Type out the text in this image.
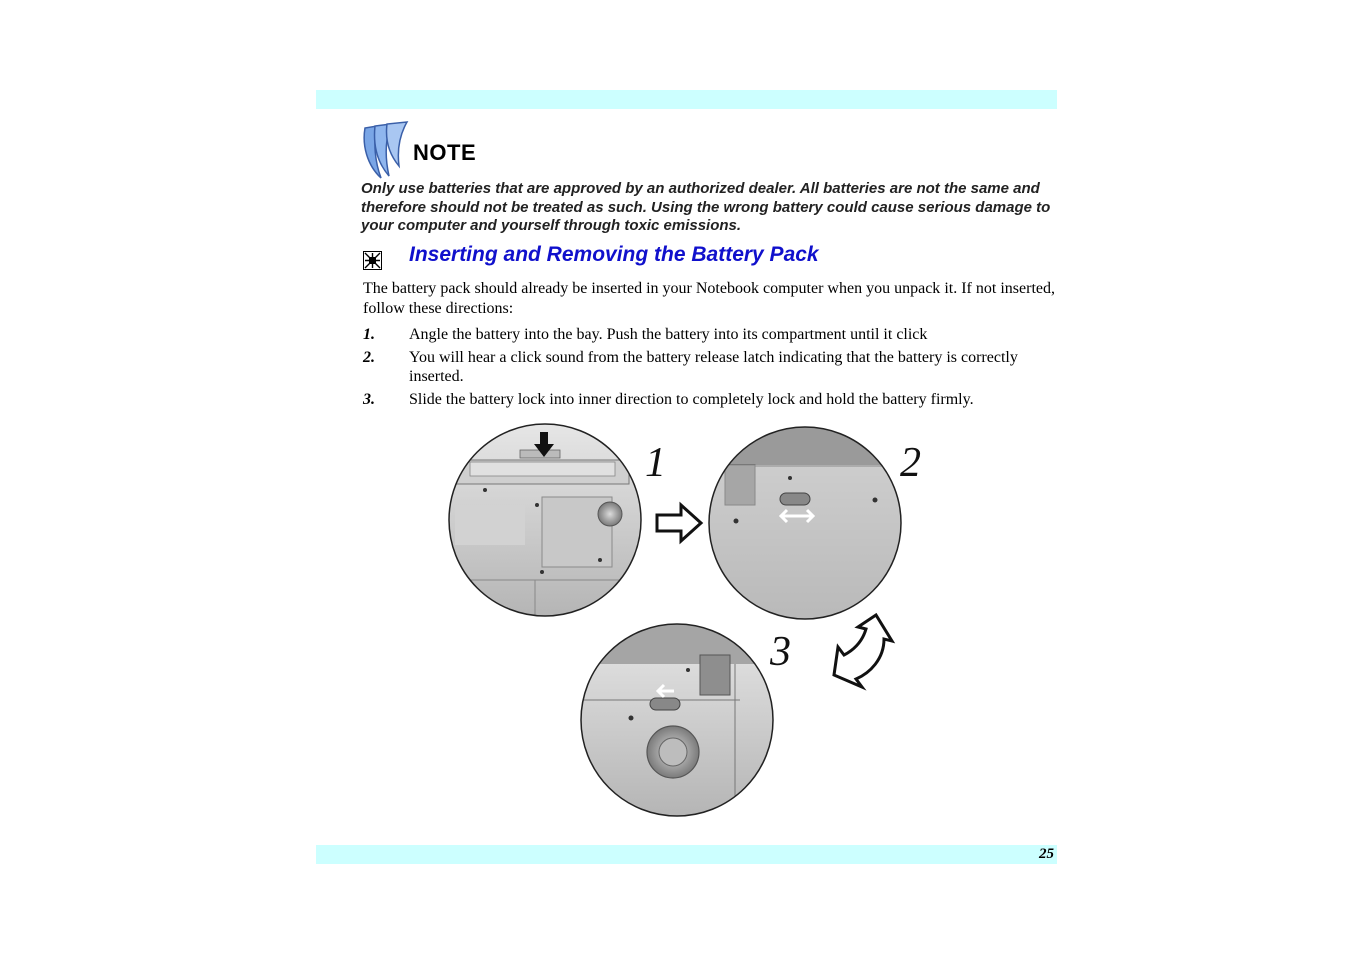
NOTE
Only use batteries that are approved by an authorized dealer. All batteries are not the same and therefore should not be treated as such. Using the wrong battery could cause serious damage to your computer and yourself through toxic emissions.
Inserting and Removing the Battery Pack
The battery pack should already be inserted in your Notebook computer when you unpack it. If not inserted, follow these directions:
1. Angle the battery into the bay. Push the battery into its compartment until it click
2. You will hear a click sound from the battery release latch indicating that the battery is correctly inserted.
3. Slide the battery lock into inner direction to completely lock and hold the battery firmly.
1	2
3
25
